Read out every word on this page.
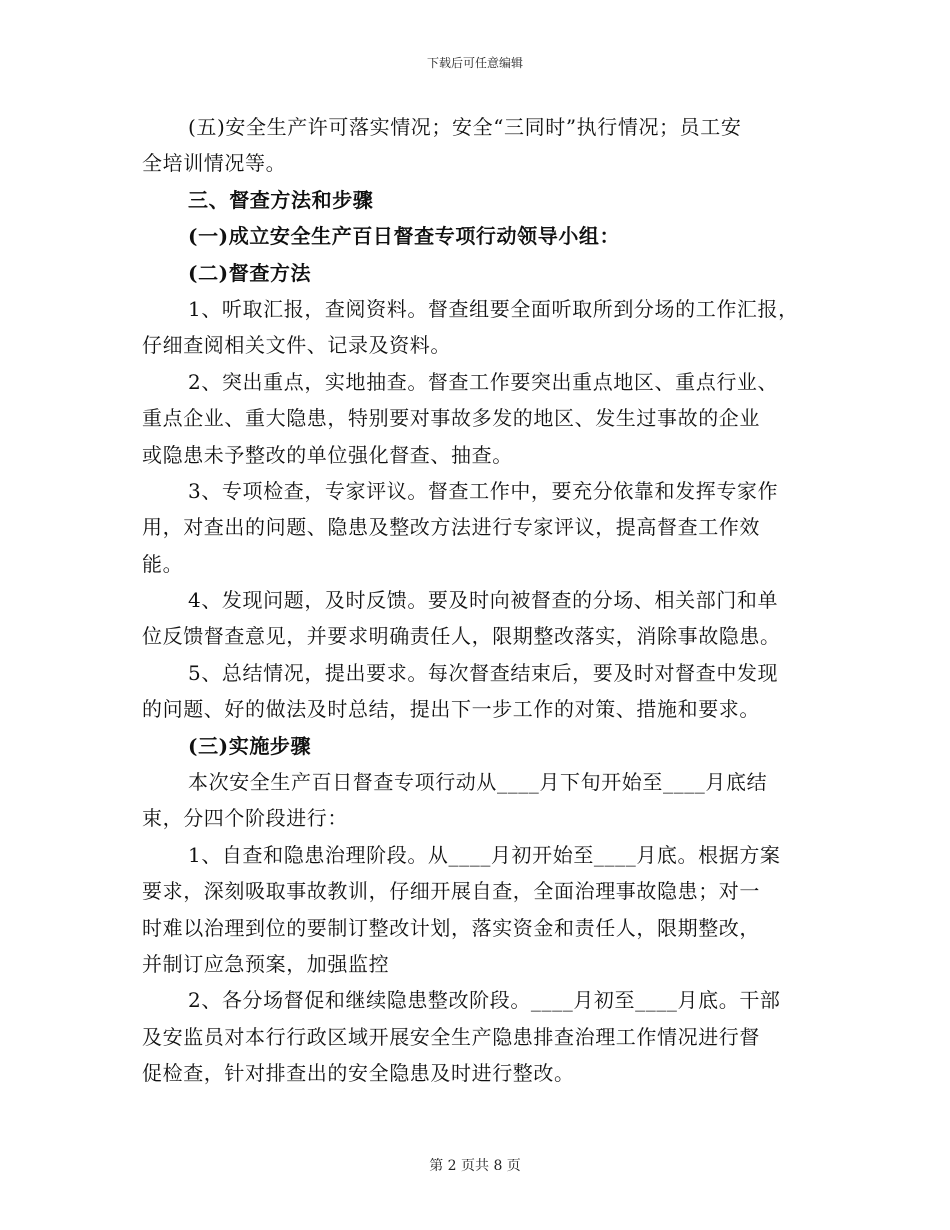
下载后可任意编辑
(五)安全生产许可落实情况；安全“三同时”执行情况；员工安
全培训情况等。
三、督查方法和步骤
(一)成立安全生产百日督查专项行动领导小组：
(二)督查方法
1、听取汇报，查阅资料。督查组要全面听取所到分场的工作汇报，
仔细查阅相关文件、记录及资料。
2、突出重点，实地抽查。督查工作要突出重点地区、重点行业、
重点企业、重大隐患，特别要对事故多发的地区、发生过事故的企业
或隐患未予整改的单位强化督查、抽查。
3、专项检查，专家评议。督查工作中，要充分依靠和发挥专家作
用，对查出的问题、隐患及整改方法进行专家评议，提高督查工作效
能。
4、发现问题，及时反馈。要及时向被督查的分场、相关部门和单
位反馈督查意见，并要求明确责任人，限期整改落实，消除事故隐患。
5、总结情况，提出要求。每次督查结束后，要及时对督查中发现
的问题、好的做法及时总结，提出下一步工作的对策、措施和要求。
(三)实施步骤
本次安全生产百日督查专项行动从____月下旬开始至____月底结
束，分四个阶段进行：
1、自查和隐患治理阶段。从____月初开始至____月底。根据方案
要求，深刻吸取事故教训，仔细开展自查，全面治理事故隐患；对一
时难以治理到位的要制订整改计划，落实资金和责任人，限期整改，
并制订应急预案，加强监控
2、各分场督促和继续隐患整改阶段。____月初至____月底。干部
及安监员对本行行政区域开展安全生产隐患排查治理工作情况进行督
促检查，针对排查出的安全隐患及时进行整改。
第 2 页共 8 页
